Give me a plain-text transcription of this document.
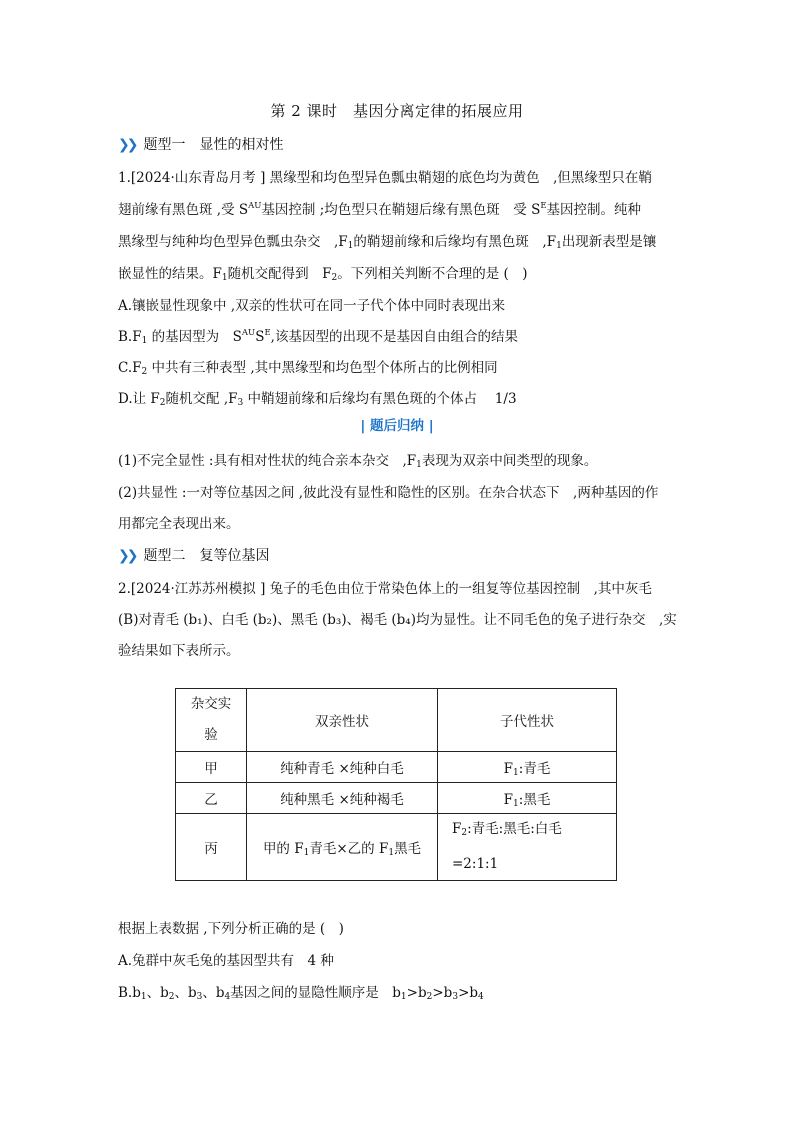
第 2 课时　基因分离定律的拓展应用
❯❯ 题型一 显性的相对性
1.[2024·山东青岛月考 ] 黑缘型和均色型异色瓢虫鞘翅的底色均为黄色　,但黑缘型只在鞘
翅前缘有黑色斑 ,受 $S^{AU}$基因控制 ;均色型只在鞘翅后缘有黑色斑　受 $S^E$基因控制。纯种
黑缘型与纯种均色型异色瓢虫杂交　$,F_1$的鞘翅前缘和后缘均有黑色斑　$,F_1$出现新表型是镶
嵌显性的结果。$F_1$随机交配得到　$F_2$。下列相关判断不合理的是 (　)
A.镶嵌显性现象中 ,双亲的性状可在同一子代个体中同时表现出来
$B.F_1$ 的基因型为　$S^{AU}S^E$,该基因型的出现不是基因自由组合的结果
$C.F_2$ 中共有三种表型 ,其中黑缘型和均色型个体所占的比例相同
D.让 $F_2$随机交配 $,F_3$ 中鞘翅前缘和后缘均有黑色斑的个体占　 1/3
| 题后归纳 |
(1)不完全显性 :具有相对性状的纯合亲本杂交　$,F_1$表现为双亲中间类型的现象。
(2)共显性 :一对等位基因之间 ,彼此没有显性和隐性的区别。在杂合状态下　,两种基因的作
用都完全表现出来。
❯❯ 题型二 复等位基因
2.[2024·江苏苏州模拟 ] 兔子的毛色由位于常染色体上的一组复等位基因控制　,其中灰毛
(B)对青毛 (b₁)、白毛 (b₂)、黑毛 (b₃)、褐毛 (b₄)均为显性。让不同毛色的兔子进行杂交　,实
验结果如下表所示。
杂交实
验	双亲性状	子代性状
甲	纯种青毛 ×纯种白毛	$F_1$:青毛
乙	纯种黑毛 ×纯种褐毛	$F_1$:黑毛
丙	甲的 $F_1$青毛×乙的 $F_1$黑毛	$F_2$:青毛:黑毛:白毛
=2:1:1
根据上表数据 ,下列分析正确的是 (　)
A.兔群中灰毛兔的基因型共有　4 种
$B.b_1$、$b_2$、$b_3$、$b_4$基因之间的显隐性顺序是　$b_1>b_2>b_3>b_4$
